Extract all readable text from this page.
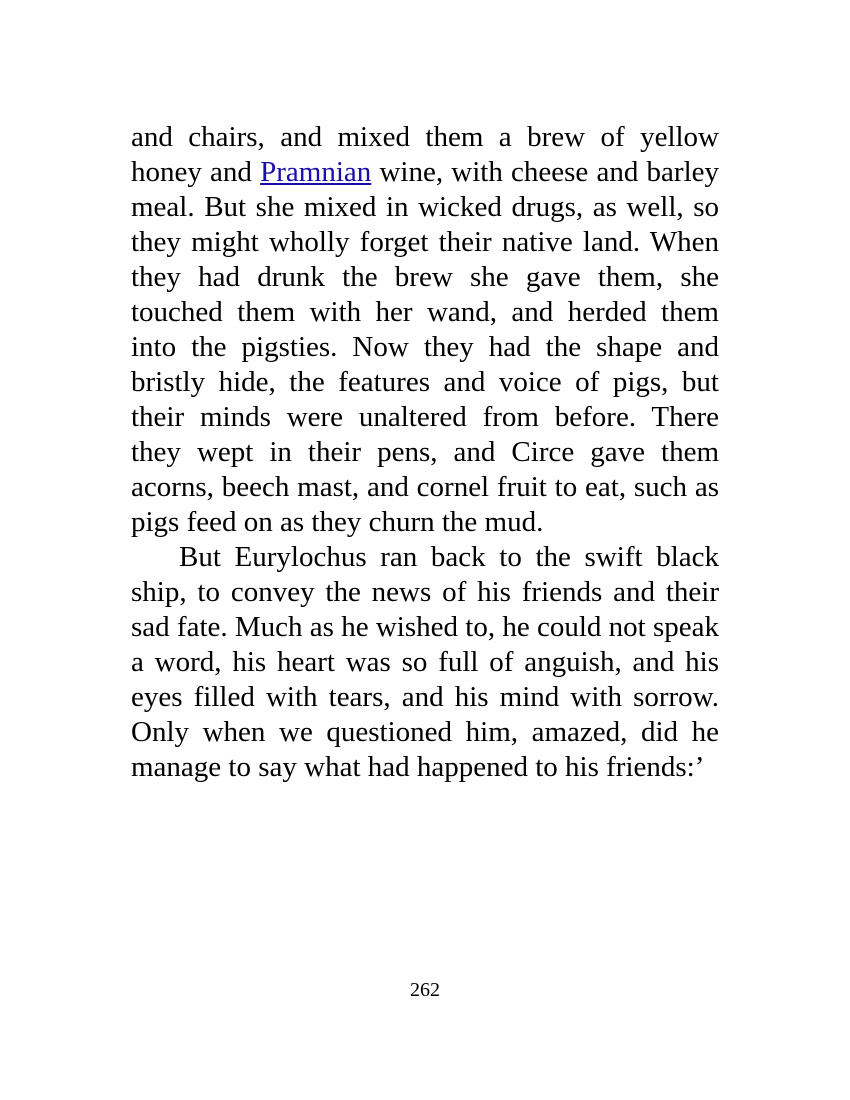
and chairs, and mixed them a brew of yellow honey and Pramnian wine, with cheese and barley meal. But she mixed in wicked drugs, as well, so they might wholly forget their native land. When they had drunk the brew she gave them, she touched them with her wand, and herded them into the pigsties. Now they had the shape and bristly hide, the features and voice of pigs, but their minds were unaltered from before. There they wept in their pens, and Circe gave them acorns, beech mast, and cornel fruit to eat, such as pigs feed on as they churn the mud.

But Eurylochus ran back to the swift black ship, to convey the news of his friends and their sad fate. Much as he wished to, he could not speak a word, his heart was so full of anguish, and his eyes filled with tears, and his mind with sorrow. Only when we questioned him, amazed, did he manage to say what had happened to his friends:’

262
